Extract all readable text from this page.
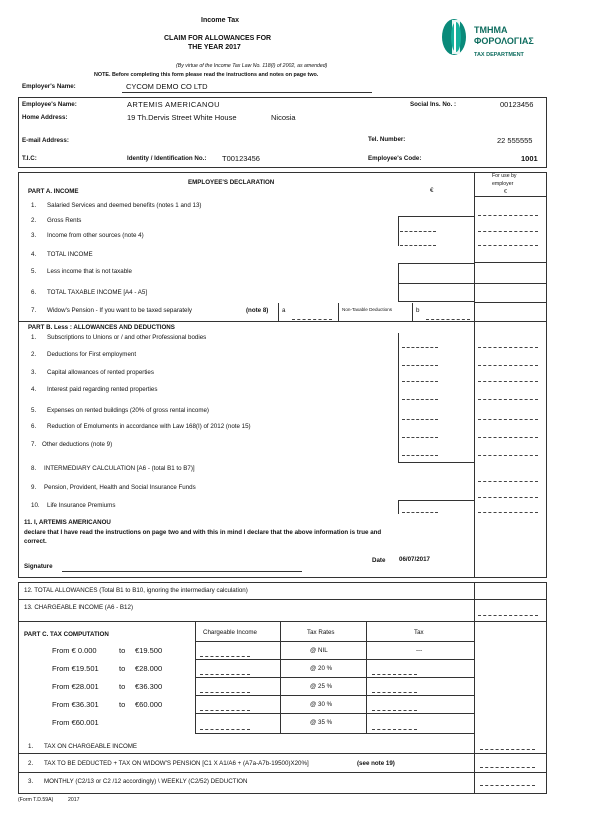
Income Tax
CLAIM FOR ALLOWANCES FOR
THE YEAR 2017
(By virtue of the Income Tax Law No. 118(I) of 2002, as amended)
NOTE. Before completing this form please read the instructions and notes on page two.
ΤΜΗΜΑ
ΦΟΡΟΛΟΓΙΑΣ
TAX DEPARTMENT
Employer's Name:	CYCOM DEMO CO LTD
Employee's Name:	ARTEMIS AMERICANOU	Social Ins. No. :	00123456
Home Address:	19 Th.Dervis Street White House	Nicosia
E-mail Address:	Tel. Number:	22 555555
T.I.C:	Identity / Identification No.: T00123456	Employee's Code:	1001
EMPLOYEE'S DECLARATION
€
For use by
employer
€
PART A. INCOME
1. Salaried Services and deemed benefits (notes 1 and 13)
2. Gross Rents
3. Income from other sources (note 4)
4. TOTAL INCOME
5. Less income that is not taxable
6. TOTAL TAXABLE INCOME [A4 - A5]
7. Widow's Pension - If you want to be taxed separately	(note 8) a	Non-Taxable Deductions	b
PART B. Less : ALLOWANCES AND DEDUCTIONS
1. Subscriptions to Unions or / and other Professional bodies
2. Deductions for First employment
3. Capital allowances of rented properties
4. Interest paid regarding rented properties
5. Expenses on rented buildings (20% of gross rental income)
6. Reduction of Emoluments in accordance with Law 168(I) of 2012 (note 15)
7. Other deductions (note 9)
8. INTERMEDIARY CALCULATION [A6 - (total B1 to B7)]
9. Pension, Provident, Health and Social Insurance Funds
10. Life Insurance Premiums
11. I, ARTEMIS AMERICANOU
declare that I have read the instructions on page two and with this in mind I declare that the above information is true and
correct.
Date 06/07/2017
Signature
12. TOTAL ALLOWANCES (Total B1 to B10, ignoring the intermediary calculation)
13. CHARGEABLE INCOME (A6 - B12)
PART C. TAX COMPUTATION	Chargeable Income	Tax Rates	Tax
From € 0.000	to €19.500	@ NIL	---
From €19.501	to €28.000	@ 20 %
From €28.001	to €36.300	@ 25 %
From €36.301	to €60.000	@ 30 %
From €60.001	@ 35 %
1. TAX ON CHARGEABLE INCOME
2. TAX TO BE DEDUCTED + TAX ON WIDOW'S PENSION [C1 X A1/A6 + (A7a-A7b-19500)X20%]	(see note 19)
3. MONTHLY (C2/13 or C2 /12 accordingly) \ WEEKLY (C2/52) DEDUCTION
(Form T.D.59A)	2017
